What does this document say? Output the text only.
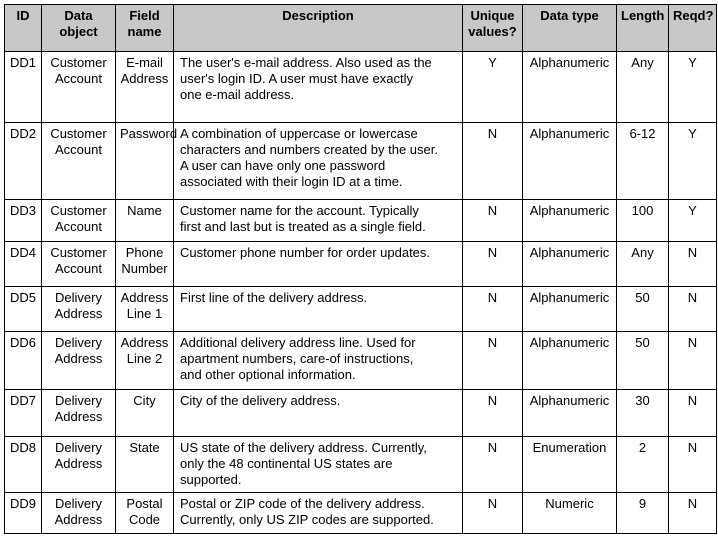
ID	Data object	Field name	Description	Unique values?	Data type	Length	Reqd?
DD1	Customer Account	E-mail Address	The user's e-mail address. Also used as the
user's login ID. A user must have exactly
one e-mail address.	Y	Alphanumeric	Any	Y
DD2	Customer Account	Password	A combination of uppercase or lowercase
characters and numbers created by the user.
A user can have only one password
associated with their login ID at a time.	N	Alphanumeric	6-12	Y
DD3	Customer Account	Name	Customer name for the account. Typically
first and last but is treated as a single field.	N	Alphanumeric	100	Y
DD4	Customer Account	Phone Number	Customer phone number for order updates.	N	Alphanumeric	Any	N
DD5	Delivery Address	Address Line 1	First line of the delivery address.	N	Alphanumeric	50	N
DD6	Delivery Address	Address Line 2	Additional delivery address line. Used for
apartment numbers, care-of instructions,
and other optional information.	N	Alphanumeric	50	N
DD7	Delivery Address	City	City of the delivery address.	N	Alphanumeric	30	N
DD8	Delivery Address	State	US state of the delivery address. Currently,
only the 48 continental US states are
supported.	N	Enumeration	2	N
DD9	Delivery Address	Postal Code	Postal or ZIP code of the delivery address.
Currently, only US ZIP codes are supported.	N	Numeric	9	N
